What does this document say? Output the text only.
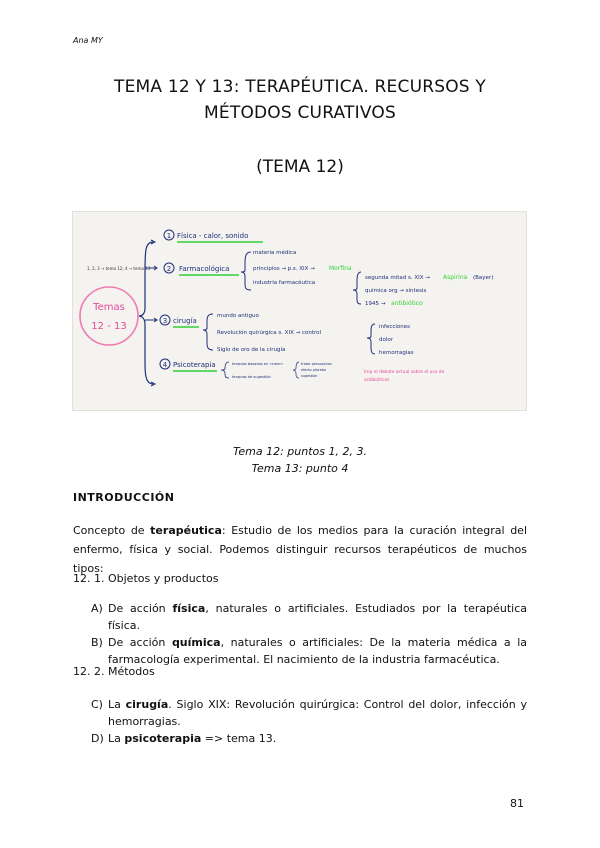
Ana MY
TEMA 12 Y 13: TERAPÉUTICA. RECURSOS Y
MÉTODOS CURATIVOS
(TEMA 12)
1, 2, 3 → tema 12; 4 → tema 13
Temas
12 - 13
1 Física - calor, sonido
2 Farmacológica
materia médica
principios → p.s. XIX → Morfina
industria farmacéutica
segunda mitad s. XIX → Aspirina (Bayer)
química org → síntesis
1945 → antibiótico
3 cirugía
mundo antiguo
Revolución quirúrgica s. XIX → control
Siglo de oro de la cirugía
infecciones
dolor
hemorragias
4 Psicoterapia	terapias basadas en «creer»
terapias de sugestión
tratar persuasivas
efecto placebo
sugestión
Imp el debate actual sobre el uso de
antibióticos
Tema 12: puntos 1, 2, 3.
Tema 13: punto 4
INTRODUCCIÓN
Concepto de terapéutica: Estudio de los medios para la curación integral del enfermo, física y social. Podemos distinguir recursos terapéuticos de muchos tipos:
12. 1. Objetos y productos
A) De acción física, naturales o artificiales. Estudiados por la terapéutica física.
B) De acción química, naturales o artificiales: De la materia médica a la farmacología experimental. El nacimiento de la industria farmacéutica.
12. 2. Métodos
C) La cirugía. Siglo XIX: Revolución quirúrgica: Control del dolor, infección y hemorragias.
D) La psicoterapia => tema 13.
81
